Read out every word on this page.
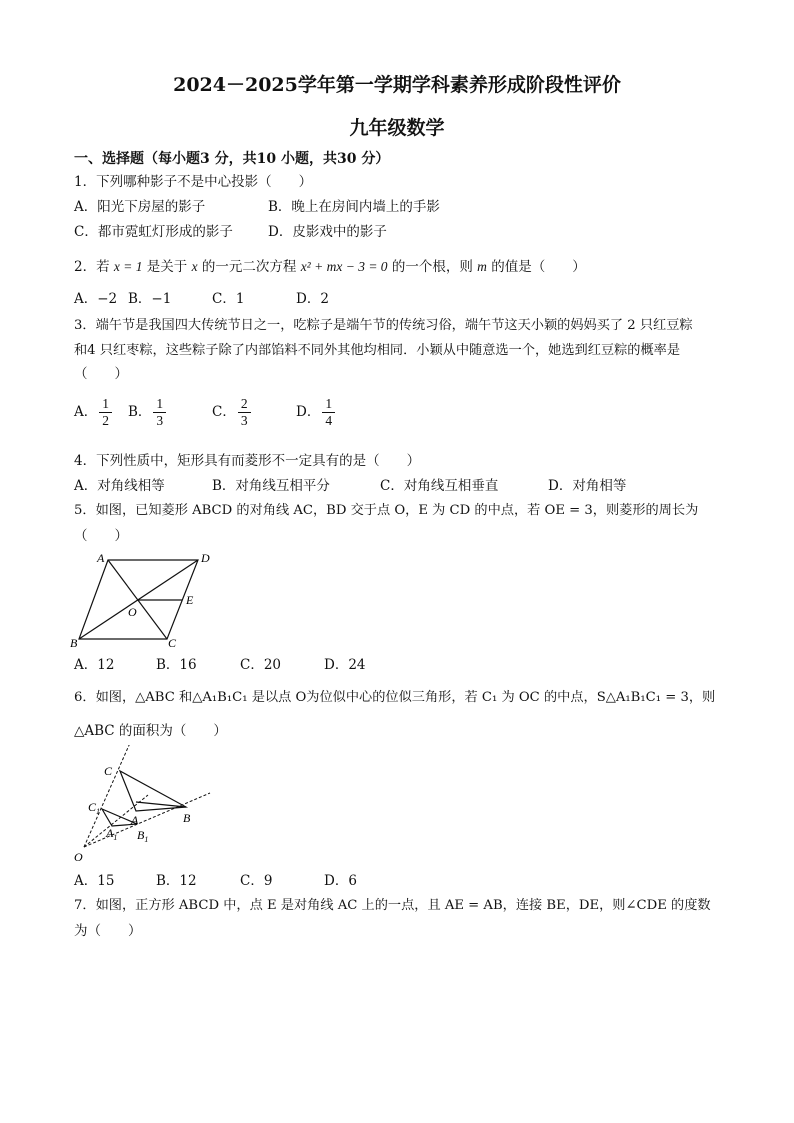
2024－2025学年第一学期学科素养形成阶段性评价
九年级数学
一、选择题（每小题3 分，共10 小题，共30 分）
1．下列哪种影子不是中心投影（　　）
A．阳光下房屋的影子	B．晚上在房间内墙上的手影
C．都市霓虹灯形成的影子	D．皮影戏中的影子
2．若 x = 1 是关于 x 的一元二次方程 x² + mx − 3 = 0 的一个根，则 m 的值是（　　）
A．−2 B．−1	C．1	D．2
3．端午节是我国四大传统节日之一，吃粽子是端午节的传统习俗，端午节这天小颖的妈妈买了 2 只红豆粽
和4 只红枣粽，这些粽子除了内部馅料不同外其他均相同．小颖从中随意选一个，她选到红豆粽的概率是
（　　）
A． $\frac{1}{2}$ B． $\frac{1}{3}$	C． $\frac{2}{3}$	D． $\frac{1}{4}$
4．下列性质中，矩形具有而菱形不一定具有的是（　　）
A．对角线相等	B．对角线互相平分	C．对角线互相垂直	D．对角相等
5．如图，已知菱形 ABCD 的对角线 AC，BD 交于点 O，E 为 CD 的中点，若 OE = 3，则菱形的周长为
（　　）
A	D
E
O
B	C
A．12	B．16	C．20	D．24
6．如图，△ABC 和△A₁B₁C₁ 是以点 O为位似中心的位似三角形，若 C₁ 为 OC 的中点，S△A₁B₁C₁ = 3，则
△ABC 的面积为（　　）
C
$C_1$
A
$A_1$
B
$B_1$
O
A．15	B．12	C．9	D．6
7．如图，正方形 ABCD 中，点 E 是对角线 AC 上的一点，且 AE = AB，连接 BE，DE，则∠CDE 的度数
为（　　）
